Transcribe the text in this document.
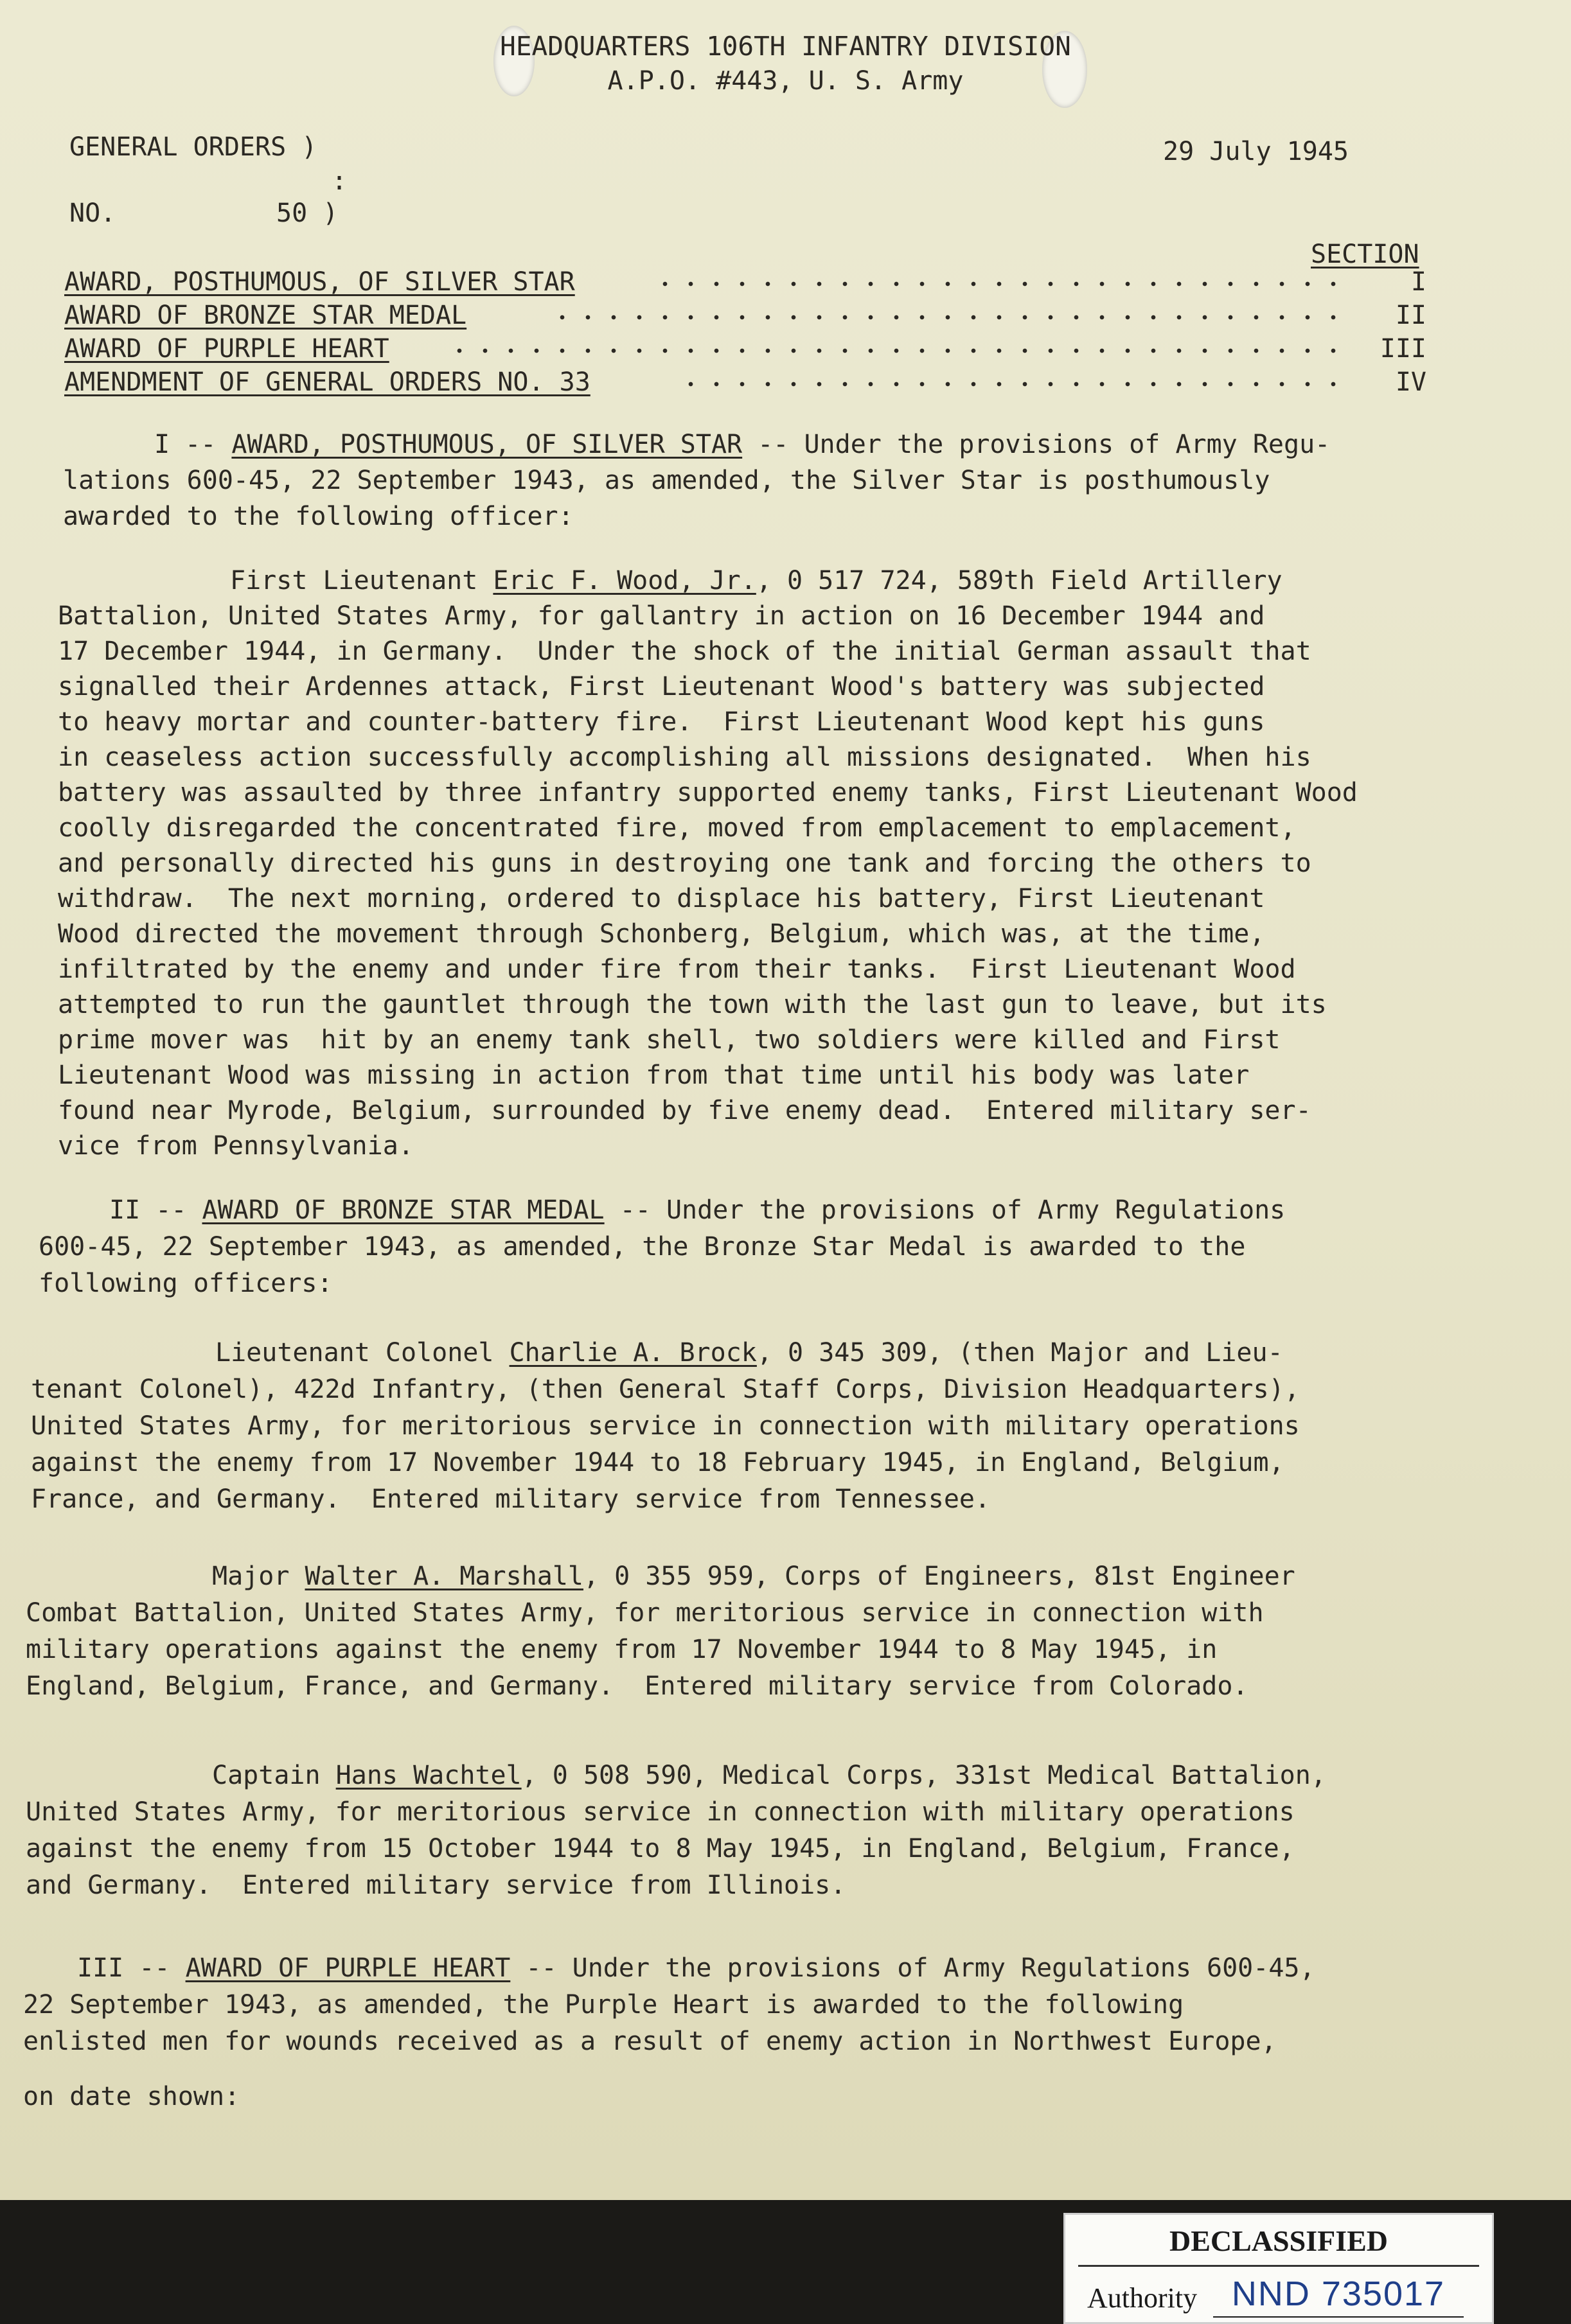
HEADQUARTERS 106TH INFANTRY DIVISION
A.P.O. #443, U. S. Army
GENERAL ORDERS )
:
NO.	50 )
29 July 1945
SECTION
AWARD, POSTHUMOUS, OF SILVER STAR	I
AWARD OF BRONZE STAR MEDAL	II
AWARD OF PURPLE HEART	III
AMENDMENT OF GENERAL ORDERS NO. 33	IV
I -- AWARD, POSTHUMOUS, OF SILVER STAR -- Under the provisions of Army Regu-
lations 600-45, 22 September 1943, as amended, the Silver Star is posthumously
awarded to the following officer:
First Lieutenant Eric F. Wood, Jr., 0 517 724, 589th Field Artillery
Battalion, United States Army, for gallantry in action on 16 December 1944 and
17 December 1944, in Germany.  Under the shock of the initial German assault that
signalled their Ardennes attack, First Lieutenant Wood's battery was subjected
to heavy mortar and counter-battery fire.  First Lieutenant Wood kept his guns
in ceaseless action successfully accomplishing all missions designated.  When his
battery was assaulted by three infantry supported enemy tanks, First Lieutenant Wood
coolly disregarded the concentrated fire, moved from emplacement to emplacement,
and personally directed his guns in destroying one tank and forcing the others to
withdraw.  The next morning, ordered to displace his battery, First Lieutenant
Wood directed the movement through Schonberg, Belgium, which was, at the time,
infiltrated by the enemy and under fire from their tanks.  First Lieutenant Wood
attempted to run the gauntlet through the town with the last gun to leave, but its
prime mover was  hit by an enemy tank shell, two soldiers were killed and First
Lieutenant Wood was missing in action from that time until his body was later
found near Myrode, Belgium, surrounded by five enemy dead.  Entered military ser-
vice from Pennsylvania.
II -- AWARD OF BRONZE STAR MEDAL -- Under the provisions of Army Regulations
600-45, 22 September 1943, as amended, the Bronze Star Medal is awarded to the
following officers:
Lieutenant Colonel Charlie A. Brock, 0 345 309, (then Major and Lieu-
tenant Colonel), 422d Infantry, (then General Staff Corps, Division Headquarters),
United States Army, for meritorious service in connection with military operations
against the enemy from 17 November 1944 to 18 February 1945, in England, Belgium,
France, and Germany.  Entered military service from Tennessee.
Major Walter A. Marshall, 0 355 959, Corps of Engineers, 81st Engineer
Combat Battalion, United States Army, for meritorious service in connection with
military operations against the enemy from 17 November 1944 to 8 May 1945, in
England, Belgium, France, and Germany.  Entered military service from Colorado.
Captain Hans Wachtel, 0 508 590, Medical Corps, 331st Medical Battalion,
United States Army, for meritorious service in connection with military operations
against the enemy from 15 October 1944 to 8 May 1945, in England, Belgium, France,
and Germany.  Entered military service from Illinois.
III -- AWARD OF PURPLE HEART -- Under the provisions of Army Regulations 600-45,
22 September 1943, as amended, the Purple Heart is awarded to the following
enlisted men for wounds received as a result of enemy action in Northwest Europe,
on date shown:
DECLASSIFIED
Authority NND 735017
